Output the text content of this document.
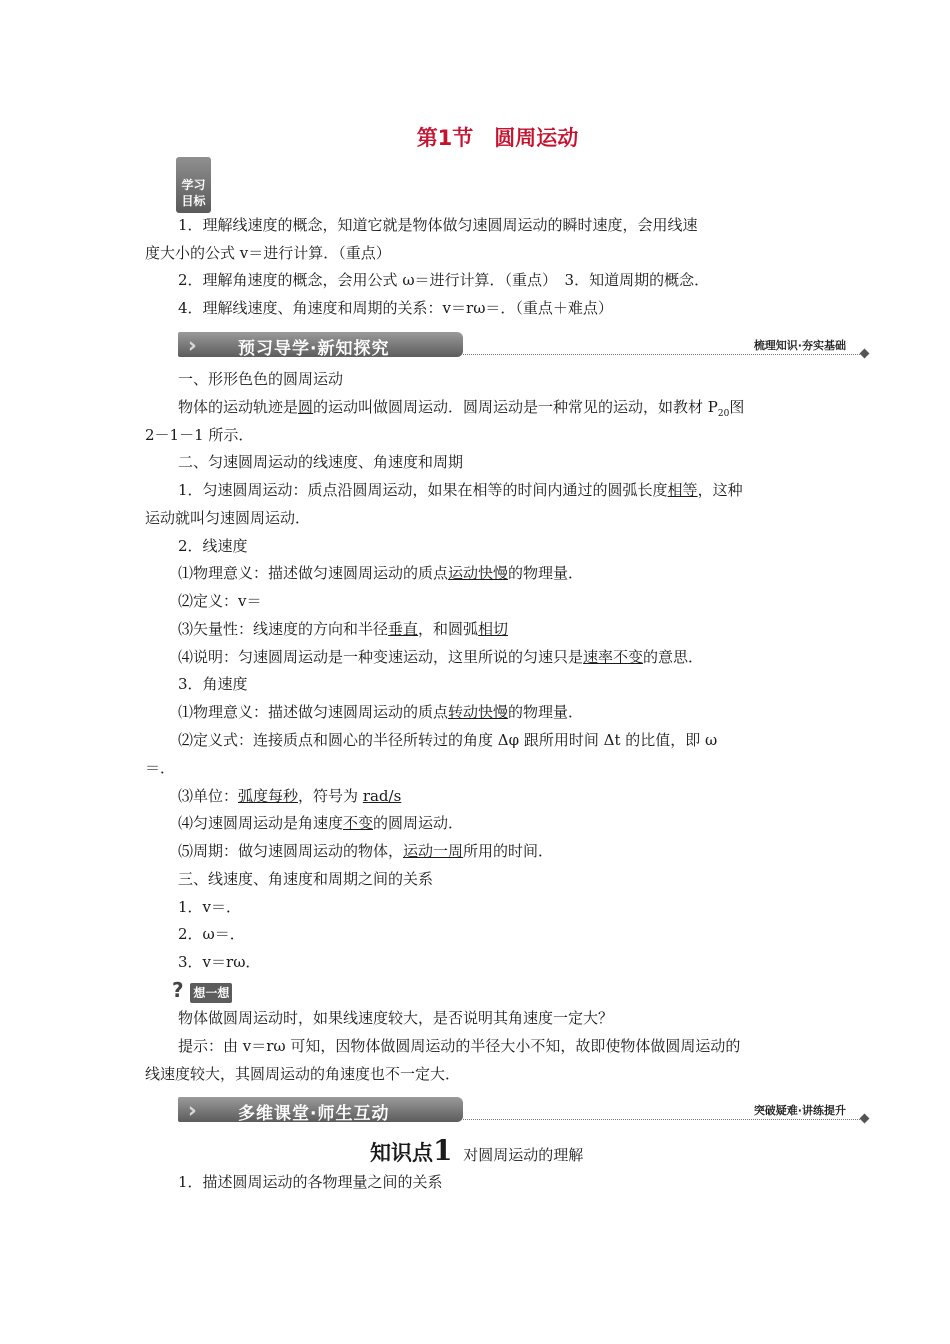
第1节　圆周运动
学习目标
1．理解线速度的概念，知道它就是物体做匀速圆周运动的瞬时速度，会用线速
度大小的公式 v＝进行计算．（重点）
2．理解角速度的概念，会用公式 ω＝进行计算．（重点）　3．知道周期的概念．
4．理解线速度、角速度和周期的关系：v＝rω＝．（重点＋难点）
›››	预习导学·新知探究	梳理知识·夯实基础
一、形形色色的圆周运动
物体的运动轨迹是圆的运动叫做圆周运动．圆周运动是一种常见的运动，如教材 $P_{20}$图
2－1－1 所示．
二、匀速圆周运动的线速度、角速度和周期
1．匀速圆周运动：质点沿圆周运动，如果在相等的时间内通过的圆弧长度相等，这种
运动就叫匀速圆周运动．
2．线速度
⑴物理意义：描述做匀速圆周运动的质点运动快慢的物理量．
⑵定义：v＝
⑶矢量性：线速度的方向和半径垂直，和圆弧相切
⑷说明：匀速圆周运动是一种变速运动，这里所说的匀速只是速率不变的意思．
3．角速度
⑴物理意义：描述做匀速圆周运动的质点转动快慢的物理量．
⑵定义式：连接质点和圆心的半径所转过的角度 Δφ 跟所用时间 Δt 的比值，即 ω
＝．
⑶单位：弧度每秒，符号为 rad/s
⑷匀速圆周运动是角速度不变的圆周运动．
⑸周期：做匀速圆周运动的物体，运动一周所用的时间．
三、线速度、角速度和周期之间的关系
1．v＝．
2．ω＝．
3．v＝rω．
? 想一想
物体做圆周运动时，如果线速度较大，是否说明其角速度一定大？
提示：由 v＝rω 可知，因物体做圆周运动的半径大小不知，故即使物体做圆周运动的
线速度较大，其圆周运动的角速度也不一定大．
›››	多维课堂·师生互动	突破疑难·讲练提升
知识点1 对圆周运动的理解
1．描述圆周运动的各物理量之间的关系
